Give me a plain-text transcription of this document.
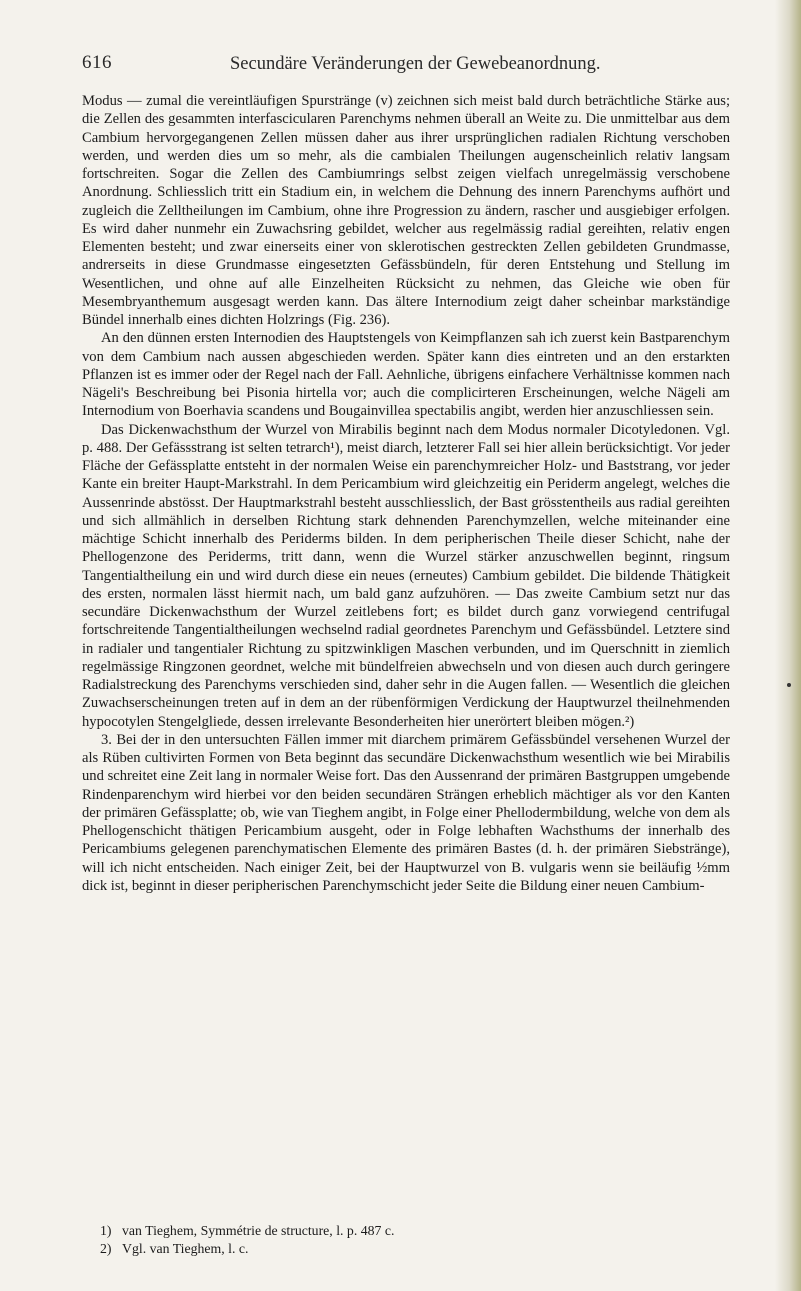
616	Secundäre Veränderungen der Gewebeanordnung.

Modus — zumal die vereintläufigen Spurstränge (v) zeichnen sich meist bald durch beträchtliche Stärke aus; die Zellen des gesammten interfascicularen Parenchyms nehmen überall an Weite zu. Die unmittelbar aus dem Cambium hervorgegangenen Zellen müssen daher aus ihrer ursprünglichen radialen Richtung verschoben werden, und werden dies um so mehr, als die cambialen Theilungen augenscheinlich relativ langsam fortschreiten. Sogar die Zellen des Cambiumrings selbst zeigen vielfach unregelmässig verschobene Anordnung. Schliesslich tritt ein Stadium ein, in welchem die Dehnung des innern Parenchyms aufhört und zugleich die Zelltheilungen im Cambium, ohne ihre Progression zu ändern, rascher und ausgiebiger erfolgen. Es wird daher nunmehr ein Zuwachsring gebildet, welcher aus regelmässig radial gereihten, relativ engen Elementen besteht; und zwar einerseits einer von sklerotischen gestreckten Zellen gebildeten Grundmasse, andrerseits in diese Grundmasse eingesetzten Gefässbündeln, für deren Entstehung und Stellung im Wesentlichen, und ohne auf alle Einzelheiten Rücksicht zu nehmen, das Gleiche wie oben für Mesembryanthemum ausgesagt werden kann. Das ältere Internodium zeigt daher scheinbar markständige Bündel innerhalb eines dichten Holzrings (Fig. 236).

An den dünnen ersten Internodien des Hauptstengels von Keimpflanzen sah ich zuerst kein Bastparenchym von dem Cambium nach aussen abgeschieden werden. Später kann dies eintreten und an den erstarkten Pflanzen ist es immer oder der Regel nach der Fall. Aehnliche, übrigens einfachere Verhältnisse kommen nach Nägeli's Beschreibung bei Pisonia hirtella vor; auch die complicirteren Erscheinungen, welche Nägeli am Internodium von Boerhavia scandens und Bougainvillea spectabilis angibt, werden hier anzuschliessen sein.

Das Dickenwachsthum der Wurzel von Mirabilis beginnt nach dem Modus normaler Dicotyledonen. Vgl. p. 488. Der Gefässstrang ist selten tetrarch¹), meist diarch, letzterer Fall sei hier allein berücksichtigt. Vor jeder Fläche der Gefässplatte entsteht in der normalen Weise ein parenchymreicher Holz- und Baststrang, vor jeder Kante ein breiter Haupt-Markstrahl. In dem Pericambium wird gleichzeitig ein Periderm angelegt, welches die Aussenrinde abstösst. Der Hauptmarkstrahl besteht ausschliesslich, der Bast grösstentheils aus radial gereihten und sich allmählich in derselben Richtung stark dehnenden Parenchymzellen, welche miteinander eine mächtige Schicht innerhalb des Periderms bilden. In dem peripherischen Theile dieser Schicht, nahe der Phellogenzone des Periderms, tritt dann, wenn die Wurzel stärker anzuschwellen beginnt, ringsum Tangentialtheilung ein und wird durch diese ein neues (erneutes) Cambium gebildet. Die bildende Thätigkeit des ersten, normalen lässt hiermit nach, um bald ganz aufzuhören. — Das zweite Cambium setzt nur das secundäre Dickenwachsthum der Wurzel zeitlebens fort; es bildet durch ganz vorwiegend centrifugal fortschreitende Tangentialtheilungen wechselnd radial geordnetes Parenchym und Gefässbündel. Letztere sind in radialer und tangentialer Richtung zu spitzwinkligen Maschen verbunden, und im Querschnitt in ziemlich regelmässige Ringzonen geordnet, welche mit bündelfreien abwechseln und von diesen auch durch geringere Radialstreckung des Parenchyms verschieden sind, daher sehr in die Augen fallen. — Wesentlich die gleichen Zuwachserscheinungen treten auf in dem an der rübenförmigen Verdickung der Hauptwurzel theilnehmenden hypocotylen Stengelgliede, dessen irrelevante Besonderheiten hier unerörtert bleiben mögen.²)

3. Bei der in den untersuchten Fällen immer mit diarchem primärem Gefässbündel versehenen Wurzel der als Rüben cultivirten Formen von Beta beginnt das secundäre Dickenwachsthum wesentlich wie bei Mirabilis und schreitet eine Zeit lang in normaler Weise fort. Das den Aussenrand der primären Bastgruppen umgebende Rindenparenchym wird hierbei vor den beiden secundären Strängen erheblich mächtiger als vor den Kanten der primären Gefässplatte; ob, wie van Tieghem angibt, in Folge einer Phellodermbildung, welche von dem als Phellogenschicht thätigen Pericambium ausgeht, oder in Folge lebhaften Wachsthums der innerhalb des Pericambiums gelegenen parenchymatischen Elemente des primären Bastes (d. h. der primären Siebstränge), will ich nicht entscheiden. Nach einiger Zeit, bei der Hauptwurzel von B. vulgaris wenn sie beiläufig ½mm dick ist, beginnt in dieser peripherischen Parenchymschicht jeder Seite die Bildung einer neuen Cambium-

1) van Tieghem, Symmétrie de structure, l. p. 487 c.

2) Vgl. van Tieghem, l. c.
